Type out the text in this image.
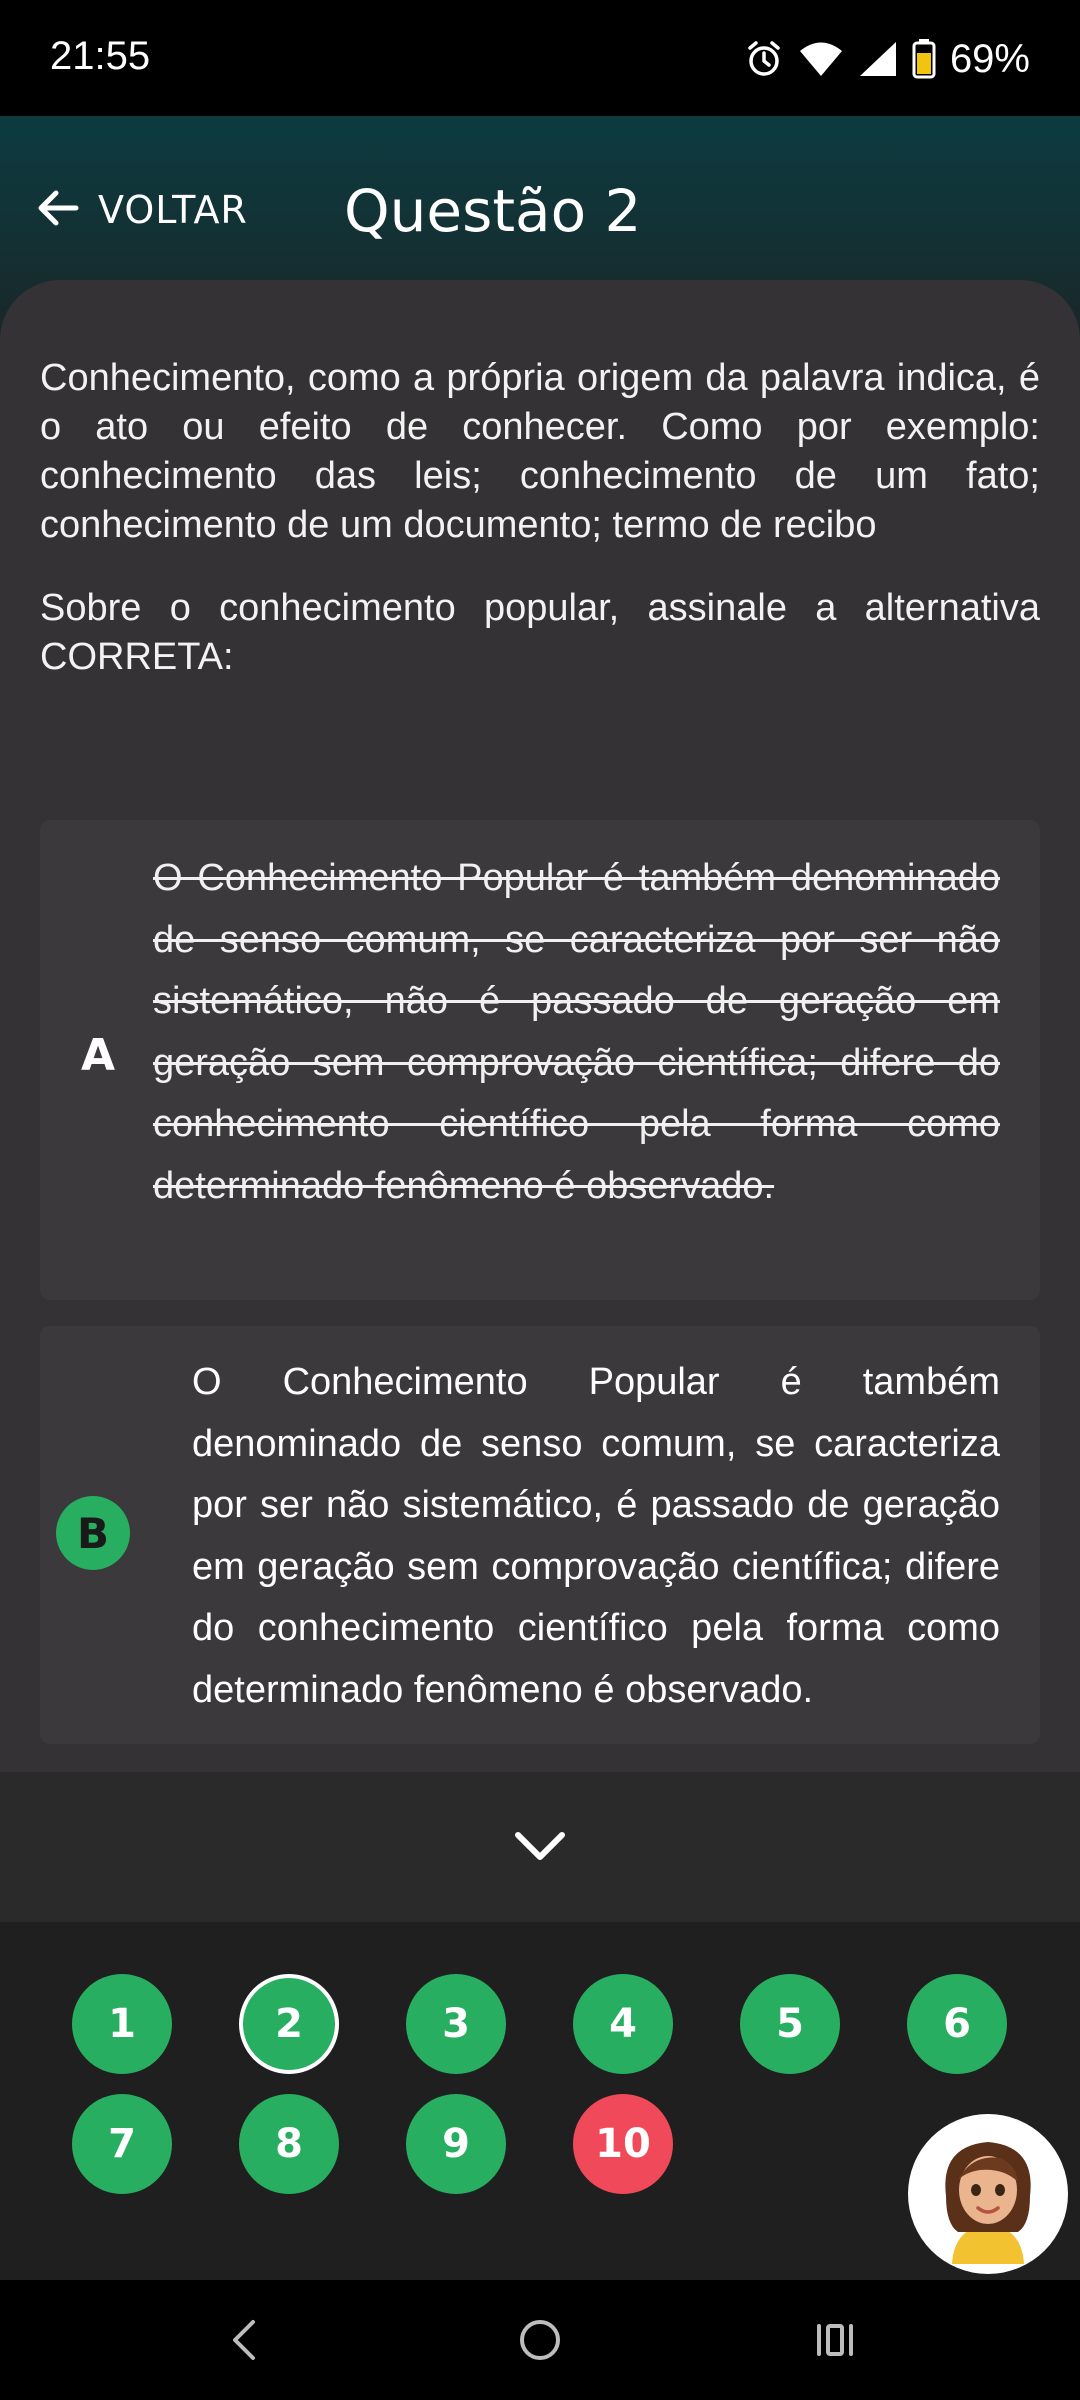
21:55	69%
VOLTAR Questão 2

Conhecimento, como a própria origem da palavra indica, é o ato ou efeito de conhecer. Como por exemplo: conhecimento das leis; conhecimento de um fato; conhecimento de um documento; termo de recibo

Sobre o conhecimento popular, assinale a alternativa CORRETA:

A
O Conhecimento Popular é também denominado de senso comum, se caracteriza por ser não sistemático, não é passado de geração em geração sem comprovação científica; difere do conhecimento científico pela forma como determinado fenômeno é observado.
B
O Conhecimento Popular é também denominado de senso comum, se caracteriza por ser não sistemático, é passado de geração em geração sem comprovação científica; difere do conhecimento científico pela forma como determinado fenômeno é observado.
1	2	3	4	5	6
7	8	9	10
